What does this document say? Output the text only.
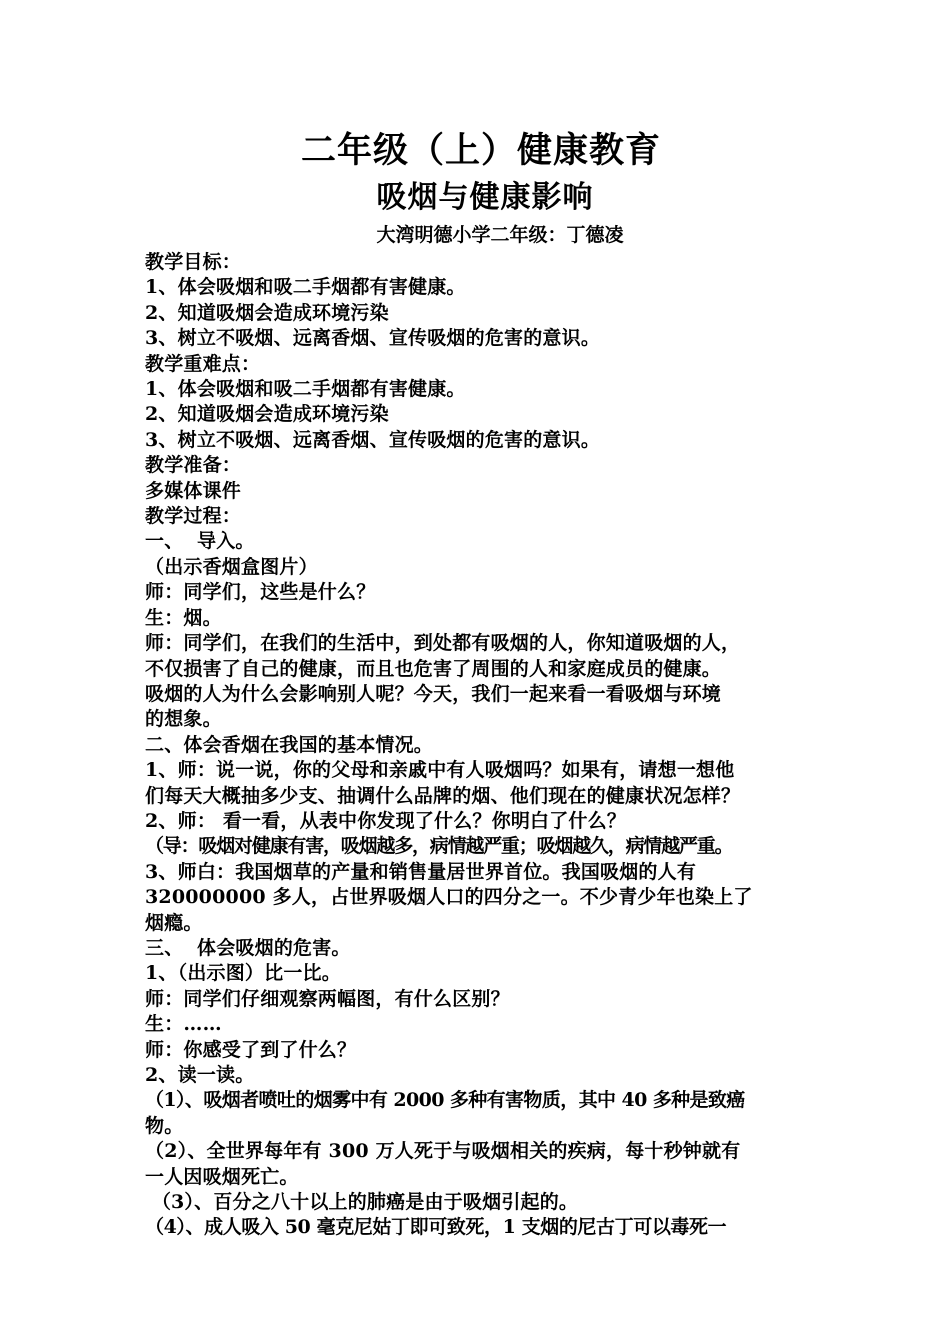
二年级（上）健康教育
吸烟与健康影响
大湾明德小学二年级：丁德凌

教学目标：

1、体会吸烟和吸二手烟都有害健康。

2、知道吸烟会造成环境污染

3、树立不吸烟、远离香烟、宣传吸烟的危害的意识。

教学重难点：

1、体会吸烟和吸二手烟都有害健康。

2、知道吸烟会造成环境污染

3、树立不吸烟、远离香烟、宣传吸烟的危害的意识。

教学准备：

多媒体课件

教学过程：

一、  导入。

（出示香烟盒图片）

师：同学们，这些是什么？

生：烟。

师：同学们，在我们的生活中，到处都有吸烟的人，你知道吸烟的人，

不仅损害了自己的健康，而且也危害了周围的人和家庭成员的健康。

吸烟的人为什么会影响别人呢？今天，我们一起来看一看吸烟与环境

的想象。

二、体会香烟在我国的基本情况。

1、师：说一说，你的父母和亲戚中有人吸烟吗？如果有，请想一想他

们每天大概抽多少支、抽调什么品牌的烟、他们现在的健康状况怎样？

2、师： 看一看，从表中你发现了什么？你明白了什么？

（导：吸烟对健康有害，吸烟越多，病情越严重；吸烟越久，病情越严重。

3、师白：我国烟草的产量和销售量居世界首位。我国吸烟的人有

320000000 多人，占世界吸烟人口的四分之一。不少青少年也染上了

烟瘾。

三、  体会吸烟的危害。

1、（出示图）比一比。

师：同学们仔细观察两幅图，有什么区别？

生：……

师：你感受了到了什么？

2、读一读。

（1）、吸烟者喷吐的烟雾中有 2000 多种有害物质，其中 40 多种是致癌

物。

（2）、全世界每年有 300 万人死于与吸烟相关的疾病，每十秒钟就有

一人因吸烟死亡。

（3）、百分之八十以上的肺癌是由于吸烟引起的。

（4）、成人吸入 50 毫克尼姑丁即可致死，1 支烟的尼古丁可以毒死一
